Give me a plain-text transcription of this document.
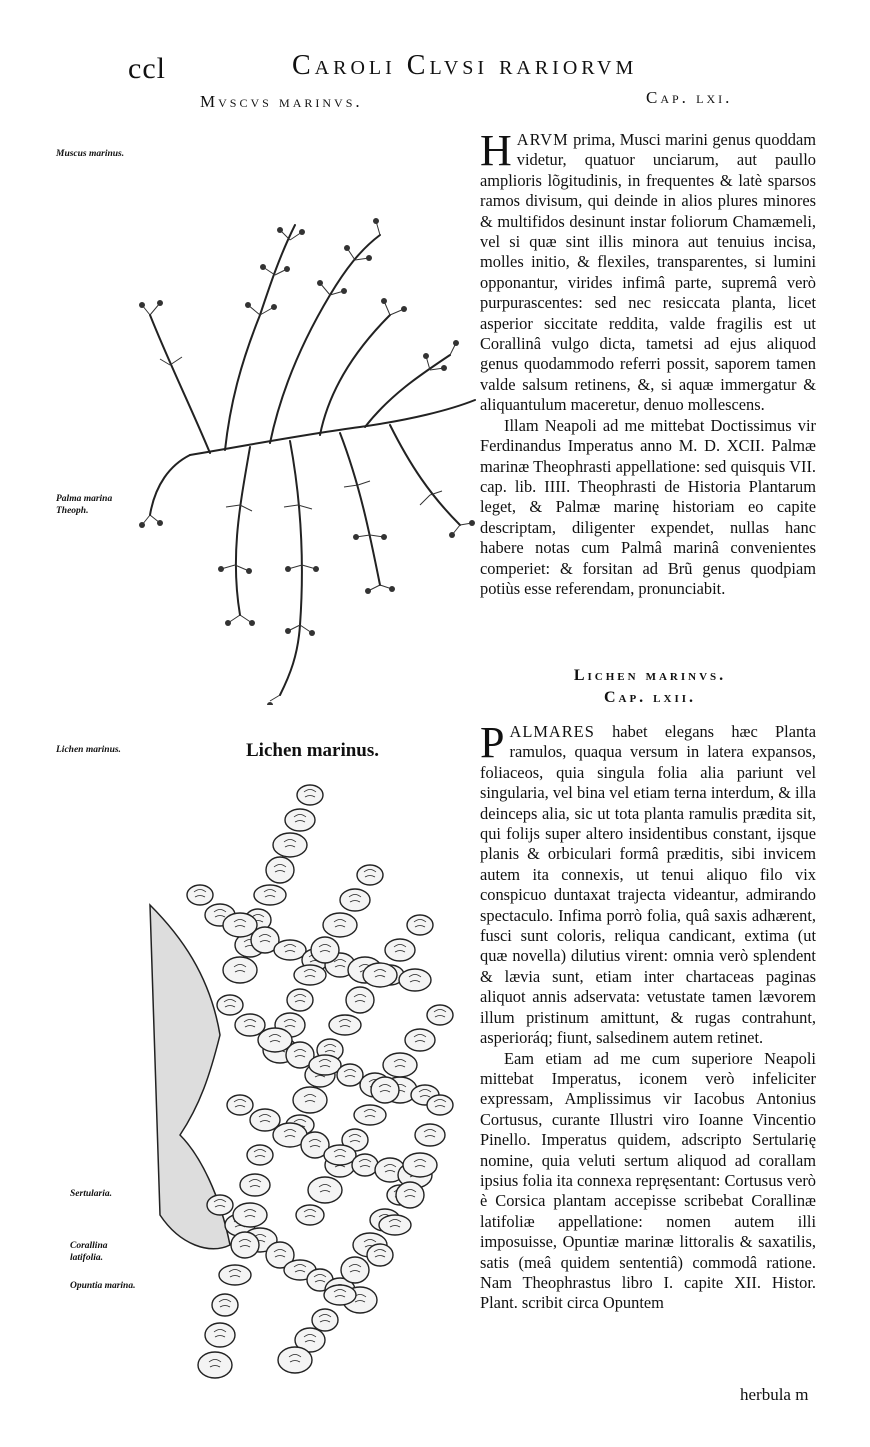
ccl	Caroli Clvsi rariorvm
Mvscvs marinvs.	Cap. lxi.
Muscus marinus.
Palma marina Theoph.
Lichen marinus.
Sertularia.
Corallina latifolia.
Opuntia marina.

HARVM prima, Musci marini genus quoddam videtur, quatuor unciarum, aut paullo amplioris lõgitudinis, in frequentes & latè sparsos ramos divisum, qui deinde in alios plures minores & multifidos desinunt instar foliorum Chamæmeli, vel si quæ sint illis minora aut tenuius incisa, molles initio, & flexiles, transparentes, si lumini opponantur, virides infimâ parte, supremâ verò purpurascentes: sed nec resiccata planta, licet asperior siccitate reddita, valde fragilis est ut Corallinâ vulgo dicta, tametsi ad ejus aliquod genus quodammodo referri possit, saporem tamen valde salsum retinens, &, si aquæ immergatur & aliquantulum maceretur, denuo mollescens.

Illam Neapoli ad me mittebat Doctissimus vir Ferdinandus Imperatus anno M. D. XCII. Palmæ marinæ Theophrasti appellatione: sed quisquis VII. cap. lib. IIII. Theophrasti de Historia Plantarum leget, & Palmæ marinę historiam eo capite descriptam, diligenter expendet, nullas hanc habere notas cum Palmâ marinâ convenientes comperiet: & forsitan ad Brũ genus quodpiam potiùs esse referendam, pronunciabit.

Lichen marinvs.
Cap. lxii.
Lichen marinus. PALMARES habet elegans hæc Planta ramulos, quaqua versum in latera expansos, foliaceos, quia singula folia alia pariunt vel singularia, vel bina vel etiam terna interdum, & illa deinceps alia, sic ut tota planta ramulis prædita sit, qui folijs super altero insidentibus constant, ijsque planis & orbiculari formâ præditis, sibi invicem autem ita connexis, ut tenui aliquo filo vix conspicuo duntaxat trajecta videantur, admirando spectaculo. Infima porrò folia, quâ saxis adhærent, fusci sunt coloris, reliqua candicant, extima (ut quæ novella) dilutius virent: omnia verò splendent & lævia sunt, etiam inter chartaceas paginas aliquot annis adservata: vetustate tamen lævorem illum pristinum amittunt, & rugas contrahunt, asperioráq; fiunt, salsedinem autem retinet.

Eam etiam ad me cum superiore Neapoli mittebat Imperatus, iconem verò infeliciter expressam, Amplissimus vir Iacobus Antonius Cortusus, curante Illustri viro Ioanne Vincentio Pinello. Imperatus quidem, adscripto Sertularię nomine, quia veluti sertum aliquod ad corallam ipsius folia ita connexa repręsentant: Cortusus verò è Corsica plantam accepisse scribebat Corallinæ latifoliæ appellatione: nomen autem illi imposuisse, Opuntiæ marinæ littoralis & saxatilis, satis (meâ quidem sententiâ) commodâ ratione. Nam Theophrastus libro I. capite XII. Histor. Plant. scribit circa Opuntem

herbula m
